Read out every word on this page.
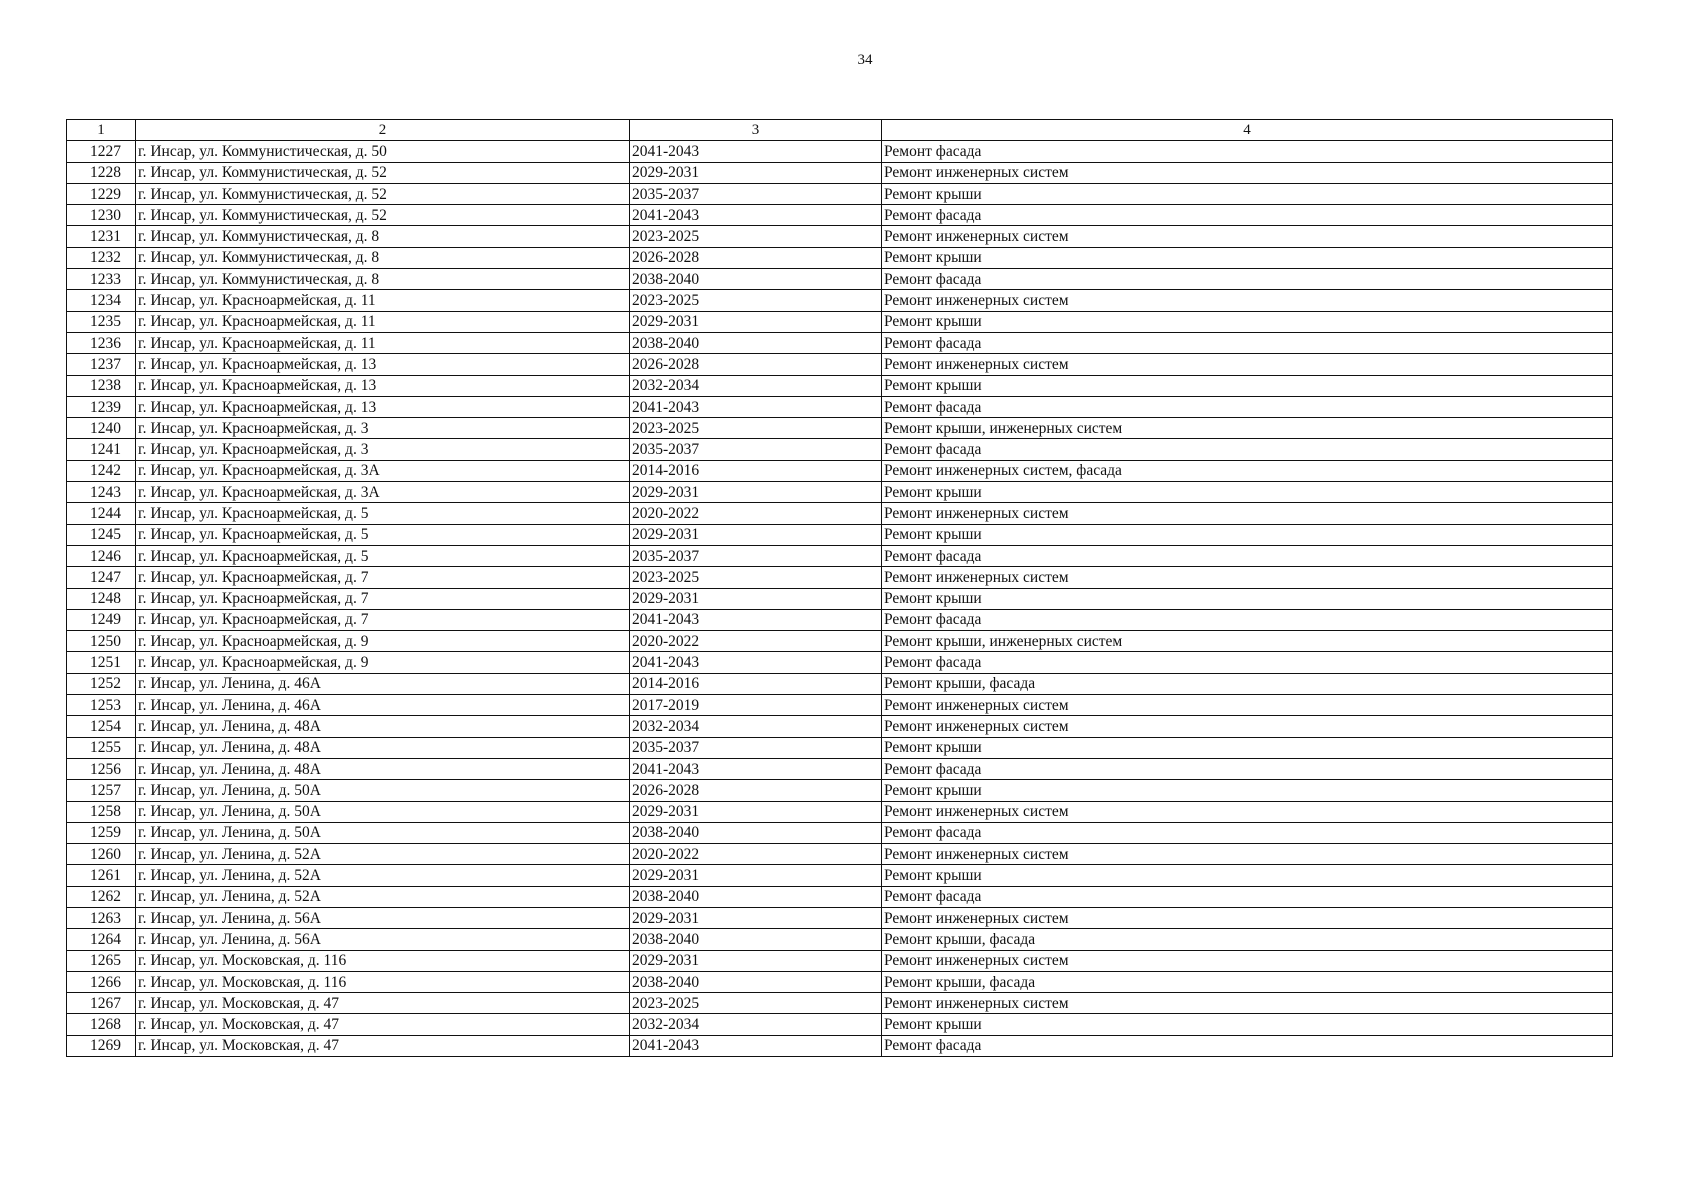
34
1	2	3	4
1227	г. Инсар, ул. Коммунистическая, д. 50	2041-2043	Ремонт фасада
1228	г. Инсар, ул. Коммунистическая, д. 52	2029-2031	Ремонт инженерных систем
1229	г. Инсар, ул. Коммунистическая, д. 52	2035-2037	Ремонт крыши
1230	г. Инсар, ул. Коммунистическая, д. 52	2041-2043	Ремонт фасада
1231	г. Инсар, ул. Коммунистическая, д. 8	2023-2025	Ремонт инженерных систем
1232	г. Инсар, ул. Коммунистическая, д. 8	2026-2028	Ремонт крыши
1233	г. Инсар, ул. Коммунистическая, д. 8	2038-2040	Ремонт фасада
1234	г. Инсар, ул. Красноармейская, д. 11	2023-2025	Ремонт инженерных систем
1235	г. Инсар, ул. Красноармейская, д. 11	2029-2031	Ремонт крыши
1236	г. Инсар, ул. Красноармейская, д. 11	2038-2040	Ремонт фасада
1237	г. Инсар, ул. Красноармейская, д. 13	2026-2028	Ремонт инженерных систем
1238	г. Инсар, ул. Красноармейская, д. 13	2032-2034	Ремонт крыши
1239	г. Инсар, ул. Красноармейская, д. 13	2041-2043	Ремонт фасада
1240	г. Инсар, ул. Красноармейская, д. 3	2023-2025	Ремонт крыши, инженерных систем
1241	г. Инсар, ул. Красноармейская, д. 3	2035-2037	Ремонт фасада
1242	г. Инсар, ул. Красноармейская, д. 3А	2014-2016	Ремонт инженерных систем, фасада
1243	г. Инсар, ул. Красноармейская, д. 3А	2029-2031	Ремонт крыши
1244	г. Инсар, ул. Красноармейская, д. 5	2020-2022	Ремонт инженерных систем
1245	г. Инсар, ул. Красноармейская, д. 5	2029-2031	Ремонт крыши
1246	г. Инсар, ул. Красноармейская, д. 5	2035-2037	Ремонт фасада
1247	г. Инсар, ул. Красноармейская, д. 7	2023-2025	Ремонт инженерных систем
1248	г. Инсар, ул. Красноармейская, д. 7	2029-2031	Ремонт крыши
1249	г. Инсар, ул. Красноармейская, д. 7	2041-2043	Ремонт фасада
1250	г. Инсар, ул. Красноармейская, д. 9	2020-2022	Ремонт крыши, инженерных систем
1251	г. Инсар, ул. Красноармейская, д. 9	2041-2043	Ремонт фасада
1252	г. Инсар, ул. Ленина, д. 46А	2014-2016	Ремонт крыши, фасада
1253	г. Инсар, ул. Ленина, д. 46А	2017-2019	Ремонт инженерных систем
1254	г. Инсар, ул. Ленина, д. 48А	2032-2034	Ремонт инженерных систем
1255	г. Инсар, ул. Ленина, д. 48А	2035-2037	Ремонт крыши
1256	г. Инсар, ул. Ленина, д. 48А	2041-2043	Ремонт фасада
1257	г. Инсар, ул. Ленина, д. 50А	2026-2028	Ремонт крыши
1258	г. Инсар, ул. Ленина, д. 50А	2029-2031	Ремонт инженерных систем
1259	г. Инсар, ул. Ленина, д. 50А	2038-2040	Ремонт фасада
1260	г. Инсар, ул. Ленина, д. 52А	2020-2022	Ремонт инженерных систем
1261	г. Инсар, ул. Ленина, д. 52А	2029-2031	Ремонт крыши
1262	г. Инсар, ул. Ленина, д. 52А	2038-2040	Ремонт фасада
1263	г. Инсар, ул. Ленина, д. 56А	2029-2031	Ремонт инженерных систем
1264	г. Инсар, ул. Ленина, д. 56А	2038-2040	Ремонт крыши, фасада
1265	г. Инсар, ул. Московская, д. 116	2029-2031	Ремонт инженерных систем
1266	г. Инсар, ул. Московская, д. 116	2038-2040	Ремонт крыши, фасада
1267	г. Инсар, ул. Московская, д. 47	2023-2025	Ремонт инженерных систем
1268	г. Инсар, ул. Московская, д. 47	2032-2034	Ремонт крыши
1269	г. Инсар, ул. Московская, д. 47	2041-2043	Ремонт фасада
